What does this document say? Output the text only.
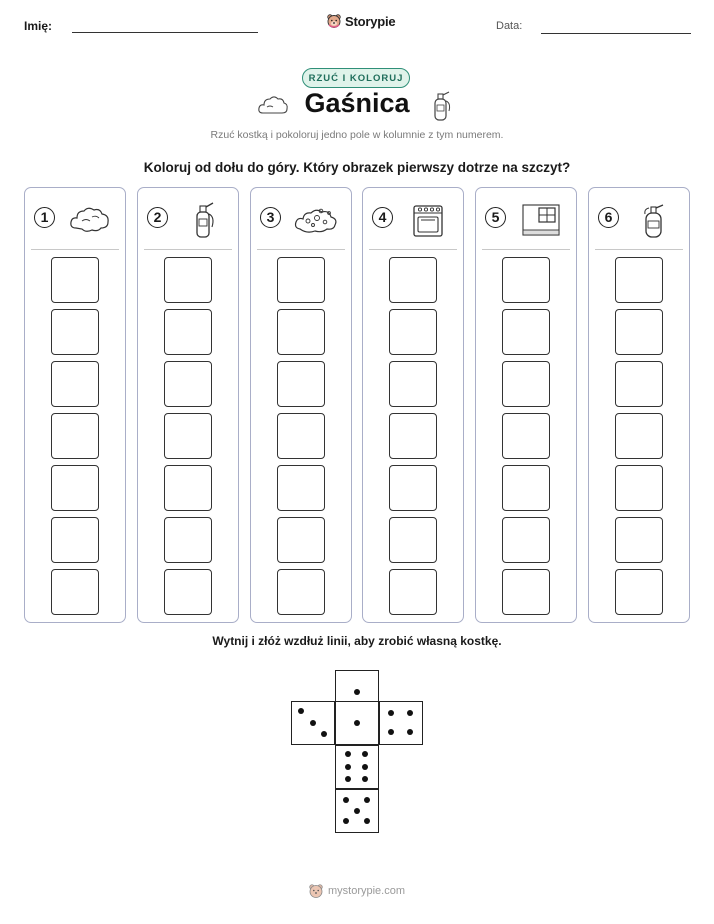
Imię:	Storypie	Data:
RZUĆ I KOLORUJ
Gaśnica
Rzuć kostką i pokoloruj jedno pole w kolumnie z tym numerem.
Koloruj od dołu do góry. Który obrazek pierwszy dotrze na szczyt?
1	2	3	4	5	6
Wytnij i złóż wzdłuż linii, aby zrobić własną kostkę.
mystorypie.com
